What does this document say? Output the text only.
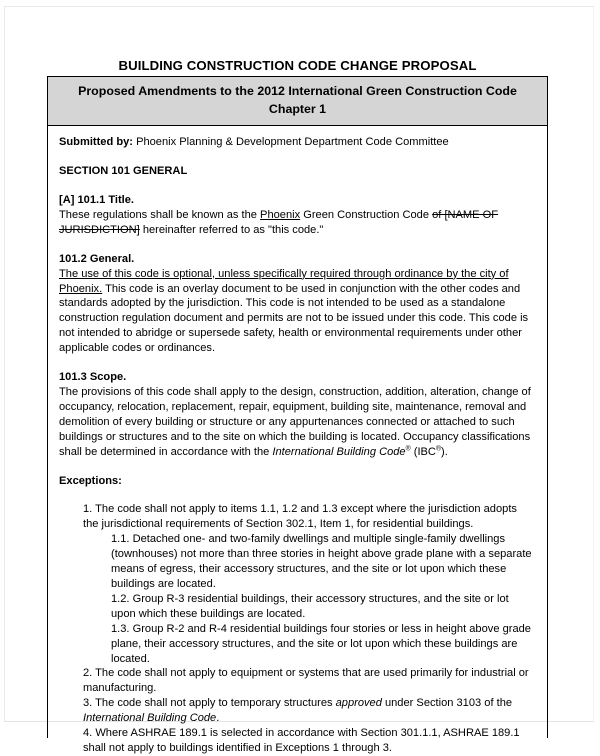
BUILDING CONSTRUCTION CODE CHANGE PROPOSAL
Proposed Amendments to the 2012 International Green Construction Code
Chapter 1

Submitted by: Phoenix Planning & Development Department Code Committee

SECTION 101 GENERAL

[A] 101.1 Title.
These regulations shall be known as the Phoenix Green Construction Code of [NAME OF JURISDICTION] hereinafter referred to as "this code."

101.2 General.
The use of this code is optional, unless specifically required through ordinance by the city of Phoenix. This code is an overlay document to be used in conjunction with the other codes and standards adopted by the jurisdiction. This code is not intended to be used as a standalone construction regulation document and permits are not to be issued under this code. This code is not intended to abridge or supersede safety, health or environmental requirements under other applicable codes or ordinances.

101.3 Scope.
The provisions of this code shall apply to the design, construction, addition, alteration, change of occupancy, relocation, replacement, repair, equipment, building site, maintenance, removal and demolition of every building or structure or any appurtenances connected or attached to such buildings or structures and to the site on which the building is located. Occupancy classifications shall be determined in accordance with the International Building Code® (IBC®).

Exceptions:

1. The code shall not apply to items 1.1, 1.2 and 1.3 except where the jurisdiction adopts the jurisdictional requirements of Section 302.1, Item 1, for residential buildings.

1.1. Detached one- and two-family dwellings and multiple single-family dwellings (townhouses) not more than three stories in height above grade plane with a separate means of egress, their accessory structures, and the site or lot upon which these buildings are located.

1.2. Group R-3 residential buildings, their accessory structures, and the site or lot upon which these buildings are located.

1.3. Group R-2 and R-4 residential buildings four stories or less in height above grade plane, their accessory structures, and the site or lot upon which these buildings are located.

2. The code shall not apply to equipment or systems that are used primarily for industrial or manufacturing.

3. The code shall not apply to temporary structures approved under Section 3103 of the International Building Code.

4. Where ASHRAE 189.1 is selected in accordance with Section 301.1.1, ASHRAE 189.1 shall not apply to buildings identified in Exceptions 1 through 3.
